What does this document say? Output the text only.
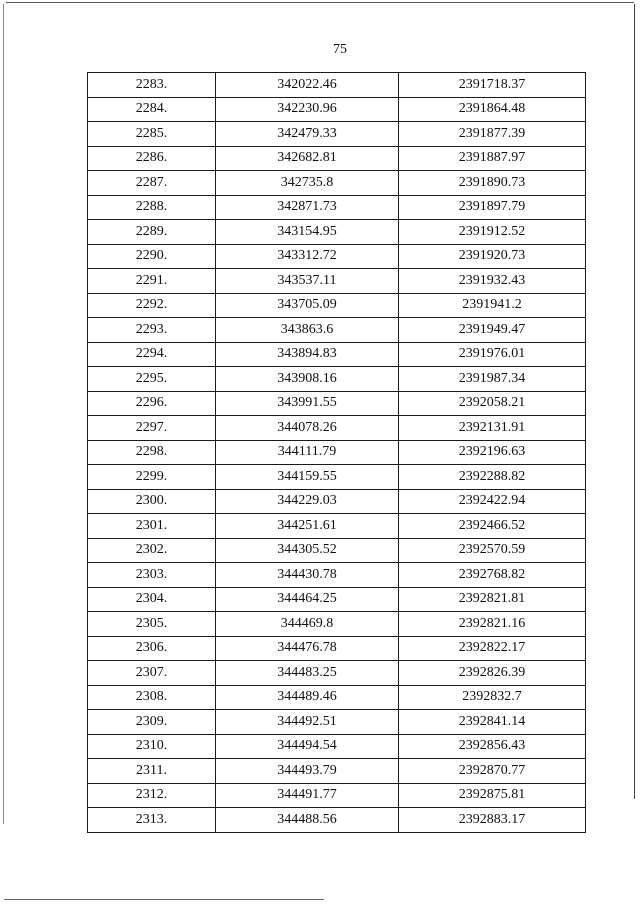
75
2283.	342022.46	2391718.37
2284.	342230.96	2391864.48
2285.	342479.33	2391877.39
2286.	342682.81	2391887.97
2287.	342735.8	2391890.73
2288.	342871.73	2391897.79
2289.	343154.95	2391912.52
2290.	343312.72	2391920.73
2291.	343537.11	2391932.43
2292.	343705.09	2391941.2
2293.	343863.6	2391949.47
2294.	343894.83	2391976.01
2295.	343908.16	2391987.34
2296.	343991.55	2392058.21
2297.	344078.26	2392131.91
2298.	344111.79	2392196.63
2299.	344159.55	2392288.82
2300.	344229.03	2392422.94
2301.	344251.61	2392466.52
2302.	344305.52	2392570.59
2303.	344430.78	2392768.82
2304.	344464.25	2392821.81
2305.	344469.8	2392821.16
2306.	344476.78	2392822.17
2307.	344483.25	2392826.39
2308.	344489.46	2392832.7
2309.	344492.51	2392841.14
2310.	344494.54	2392856.43
2311.	344493.79	2392870.77
2312.	344491.77	2392875.81
2313.	344488.56	2392883.17
